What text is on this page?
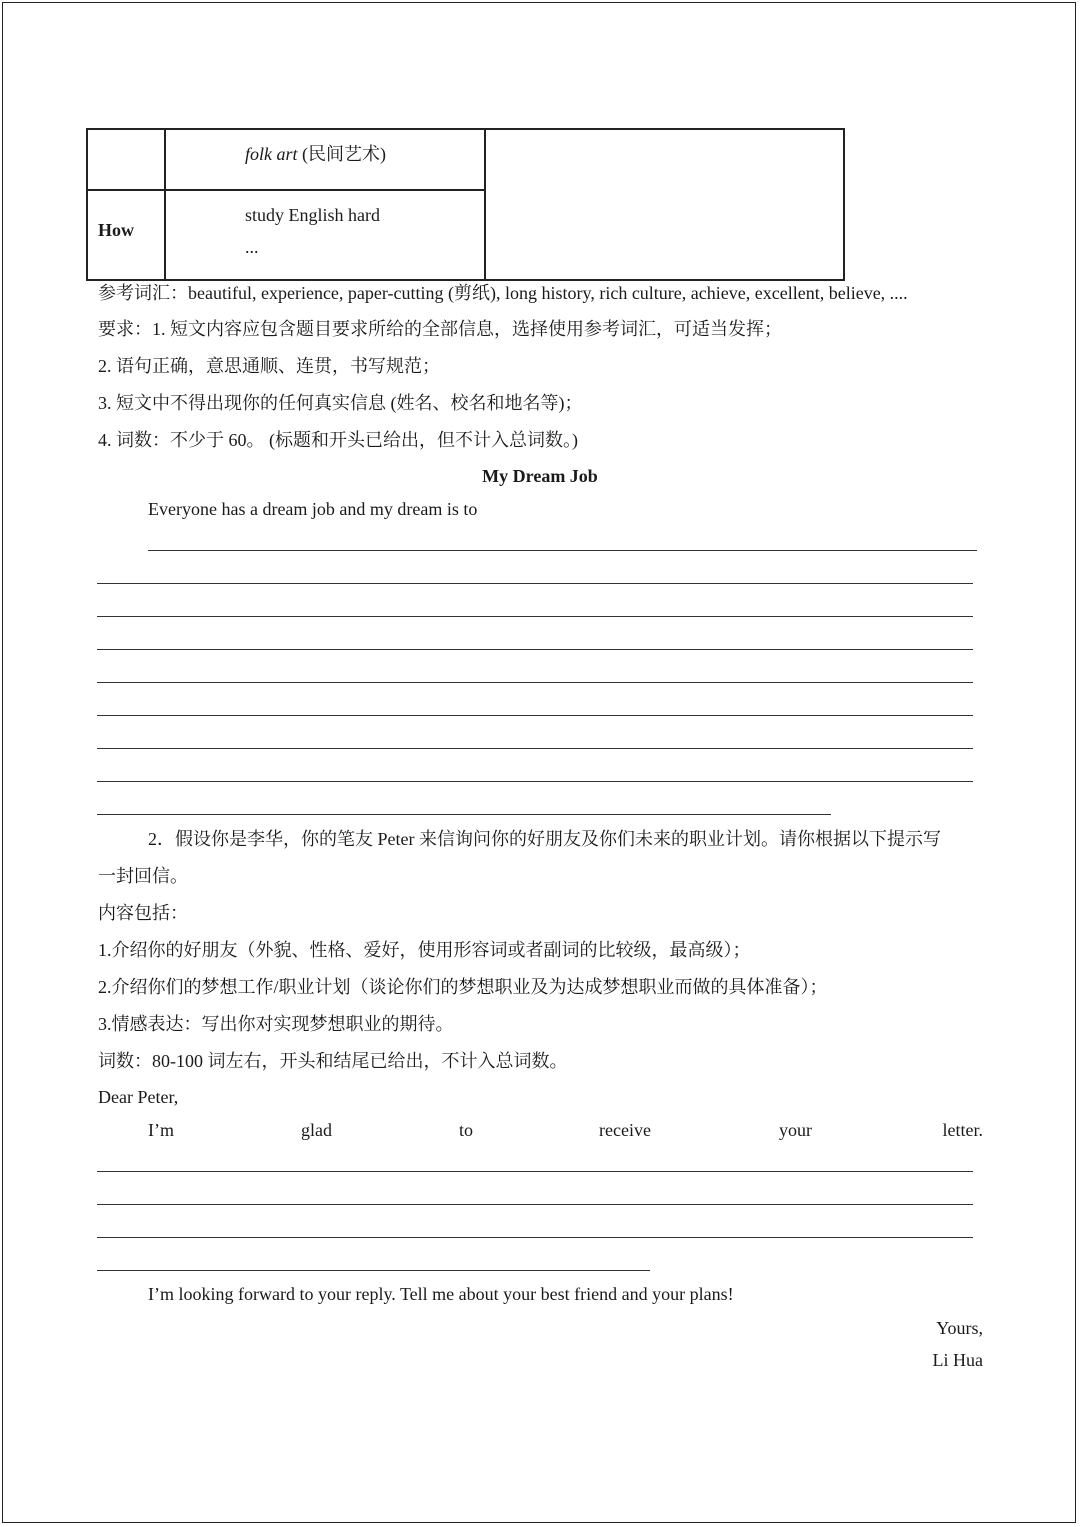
	folk art (民间艺术)	

How	study English hard
...	
参考词汇：beautiful, experience, paper-cutting (剪纸), long history, rich culture, achieve, excellent, believe, ....
要求：1. 短文内容应包含题目要求所给的全部信息，选择使用参考词汇，可适当发挥；
2. 语句正确，意思通顺、连贯，书写规范；
3. 短文中不得出现你的任何真实信息 (姓名、校名和地名等)；
4. 词数：不少于 60。 (标题和开头已给出，但不计入总词数。)
My Dream Job
Everyone has a dream job and my dream is to
2．假设你是李华，你的笔友 Peter 来信询问你的好朋友及你们未来的职业计划。请你根据以下提示写
一封回信。
内容包括：
1.介绍你的好朋友（外貌、性格、爱好，使用形容词或者副词的比较级，最高级）；
2.介绍你们的梦想工作/职业计划（谈论你们的梦想职业及为达成梦想职业而做的具体准备）；
3.情感表达：写出你对实现梦想职业的期待。
词数：80-100 词左右，开头和结尾已给出，不计入总词数。
Dear Peter,
I’m	glad	to	receive	your	letter.
I’m looking forward to your reply. Tell me about your best friend and your plans!
Yours,
Li Hua
